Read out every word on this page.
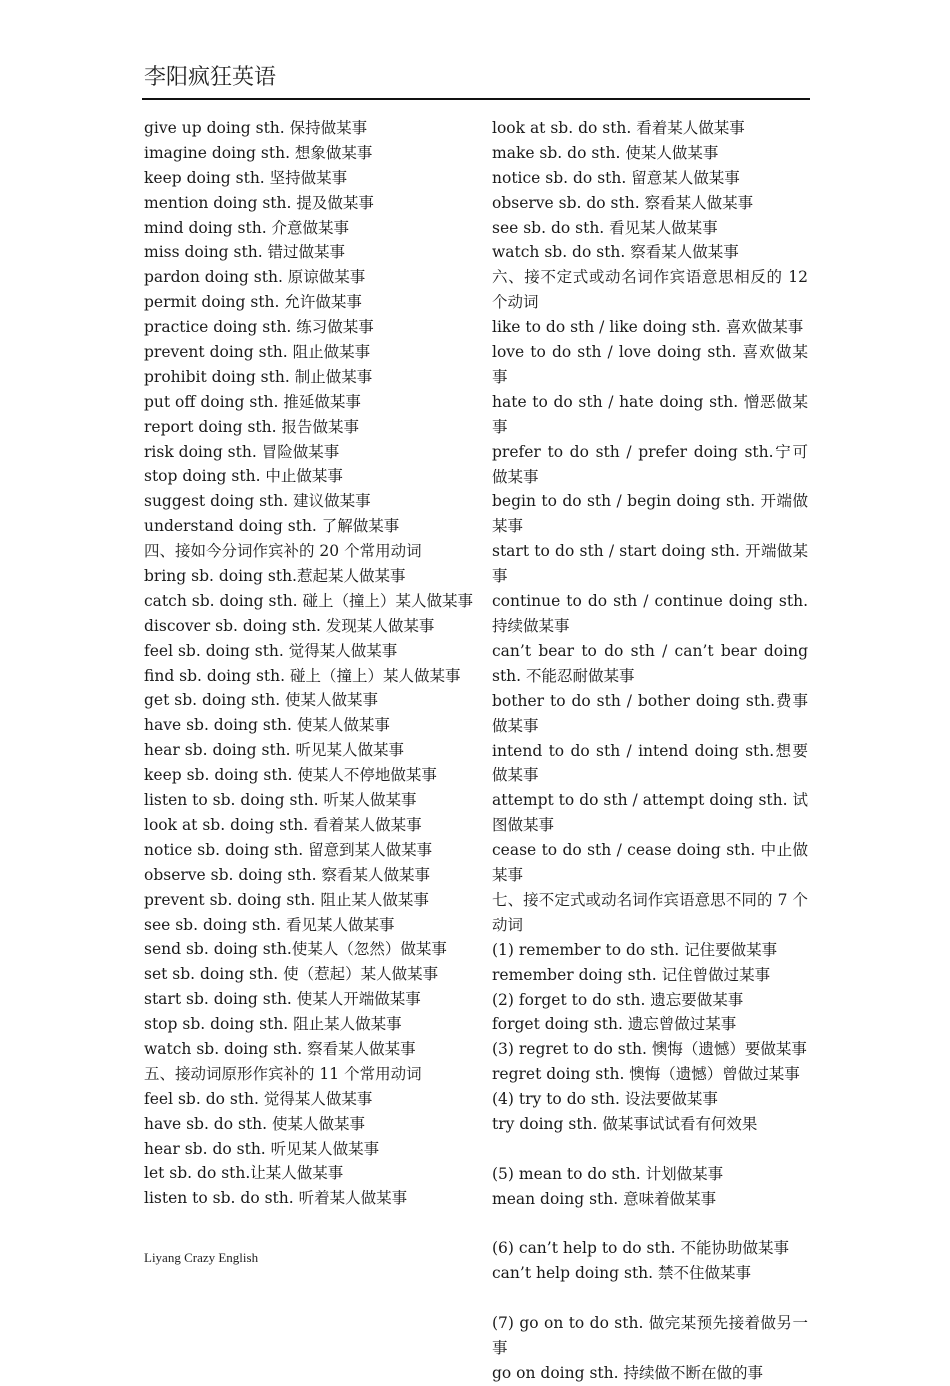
李阳疯狂英语
give up doing sth. 保持做某事
imagine doing sth. 想象做某事
keep doing sth. 坚持做某事
mention doing sth. 提及做某事
mind doing sth. 介意做某事
miss doing sth. 错过做某事
pardon doing sth. 原谅做某事
permit doing sth. 允许做某事
practice doing sth. 练习做某事
prevent doing sth. 阻止做某事
prohibit doing sth. 制止做某事
put off doing sth. 推延做某事
report doing sth. 报告做某事
risk doing sth. 冒险做某事
stop doing sth. 中止做某事
suggest doing sth. 建议做某事
understand doing sth. 了解做某事
四、接如今分词作宾补的 20 个常用动词
bring sb. doing sth.惹起某人做某事
catch sb. doing sth. 碰上（撞上）某人做某事
discover sb. doing sth. 发现某人做某事
feel sb. doing sth. 觉得某人做某事
find sb. doing sth. 碰上（撞上）某人做某事
get sb. doing sth. 使某人做某事
have sb. doing sth. 使某人做某事
hear sb. doing sth. 听见某人做某事
keep sb. doing sth. 使某人不停地做某事
listen to sb. doing sth. 听某人做某事
look at sb. doing sth. 看着某人做某事
notice sb. doing sth. 留意到某人做某事
observe sb. doing sth. 察看某人做某事
prevent sb. doing sth. 阻止某人做某事
see sb. doing sth. 看见某人做某事
send sb. doing sth.使某人（忽然）做某事
set sb. doing sth. 使（惹起）某人做某事
start sb. doing sth. 使某人开端做某事
stop sb. doing sth. 阻止某人做某事
watch sb. doing sth. 察看某人做某事
五、接动词原形作宾补的 11 个常用动词
feel sb. do sth. 觉得某人做某事
have sb. do sth. 使某人做某事
hear sb. do sth. 听见某人做某事
let sb. do sth.让某人做某事
listen to sb. do sth. 听着某人做某事
look at sb. do sth. 看着某人做某事
make sb. do sth. 使某人做某事
notice sb. do sth. 留意某人做某事
observe sb. do sth. 察看某人做某事
see sb. do sth. 看见某人做某事
watch sb. do sth. 察看某人做某事
六、接不定式或动名词作宾语意思相反的 12 个动词
like to do sth / like doing sth. 喜欢做某事
love to do sth / love doing sth. 喜欢做某事
hate to do sth / hate doing sth. 憎恶做某事
prefer to do sth / prefer doing sth.宁可做某事
begin to do sth / begin doing sth. 开端做某事
start to do sth / start doing sth. 开端做某事
continue to do sth / continue doing sth. 持续做某事
can’t bear to do sth / can’t bear doing sth. 不能忍耐做某事
bother to do sth / bother doing sth.费事做某事
intend to do sth / intend doing sth.想要做某事
attempt to do sth / attempt doing sth. 试图做某事
cease to do sth / cease doing sth. 中止做某事
七、接不定式或动名词作宾语意思不同的 7 个动词
(1) remember to do sth. 记住要做某事
remember doing sth. 记住曾做过某事
(2) forget to do sth. 遗忘要做某事
forget doing sth. 遗忘曾做过某事
(3) regret to do sth. 懊悔（遗憾）要做某事
regret doing sth. 懊悔（遗憾）曾做过某事
(4) try to do sth. 设法要做某事
try doing sth. 做某事试试看有何效果
(5) mean to do sth. 计划做某事
mean doing sth. 意味着做某事
(6) can’t help to do sth. 不能协助做某事
can’t help doing sth. 禁不住做某事
(7) go on to do sth. 做完某预先接着做另一事
go on doing sth. 持续做不断在做的事
Liyang Crazy English
